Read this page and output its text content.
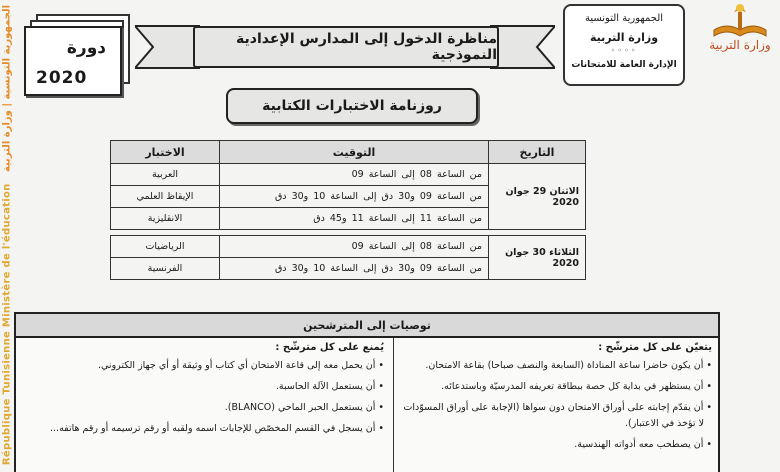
République Tunisienne Ministère de l'éducation   الجمهورية التونسية | وزارة التربية	دورة
2020
مناظرة الدخول إلى المدارس الإعدادية النموذجية
الجمهورية التونسية
وزارة التربية
◦◦◦◦
الإدارة العامة للامتحانات
وزارة التربية
روزنامة الاختبارات الكتابية
التاريخ	التوقيت	الاختبار
الاثنان 29 جوان 2020	من الساعة 08 إلى الساعة 09	العربية
	من الساعة 09 و30 دق إلى الساعة 10 و30 دق	الإيقاظ العلمي
	من الساعة 11 إلى الساعة 11 و45 دق	الانقليزية

الثلاثاء 30 جوان 2020	من الساعة 08 إلى الساعة 09	الرياضيات
	من الساعة 09 و30 دق إلى الساعة 10 و30 دق	الفرنسية
توصيات إلى المترشحين
يتعيّن على كل مترشّح :
• أن يكون حاضرا ساعة المناداة (السابعة والنصف صباحا) بقاعة الامتحان.
• أن يستظهر في بداية كل حصة ببطاقة تعريفه المدرسيّة وباستدعائه.
• أن يقدّم إجابته على أوراق الامتحان دون سواها (الإجابة على أوراق المسوّدات
لا تؤخذ في الاعتبار).
• أن يصطحب معه أدواته الهندسية.
يُمنع على كل مترشّح :
• أن يحمل معه إلى قاعة الامتحان أي كتاب أو وثيقة أو أي جهاز الكتروني.
• أن يستعمل الآلة الحاسبة.
• أن يستعمل الحبر الماحي (BLANCO).
• أن يسجل في القسم المخصّص للإجابات اسمه ولقبه أو رقم ترسيمه أو رقم هاتفه...
